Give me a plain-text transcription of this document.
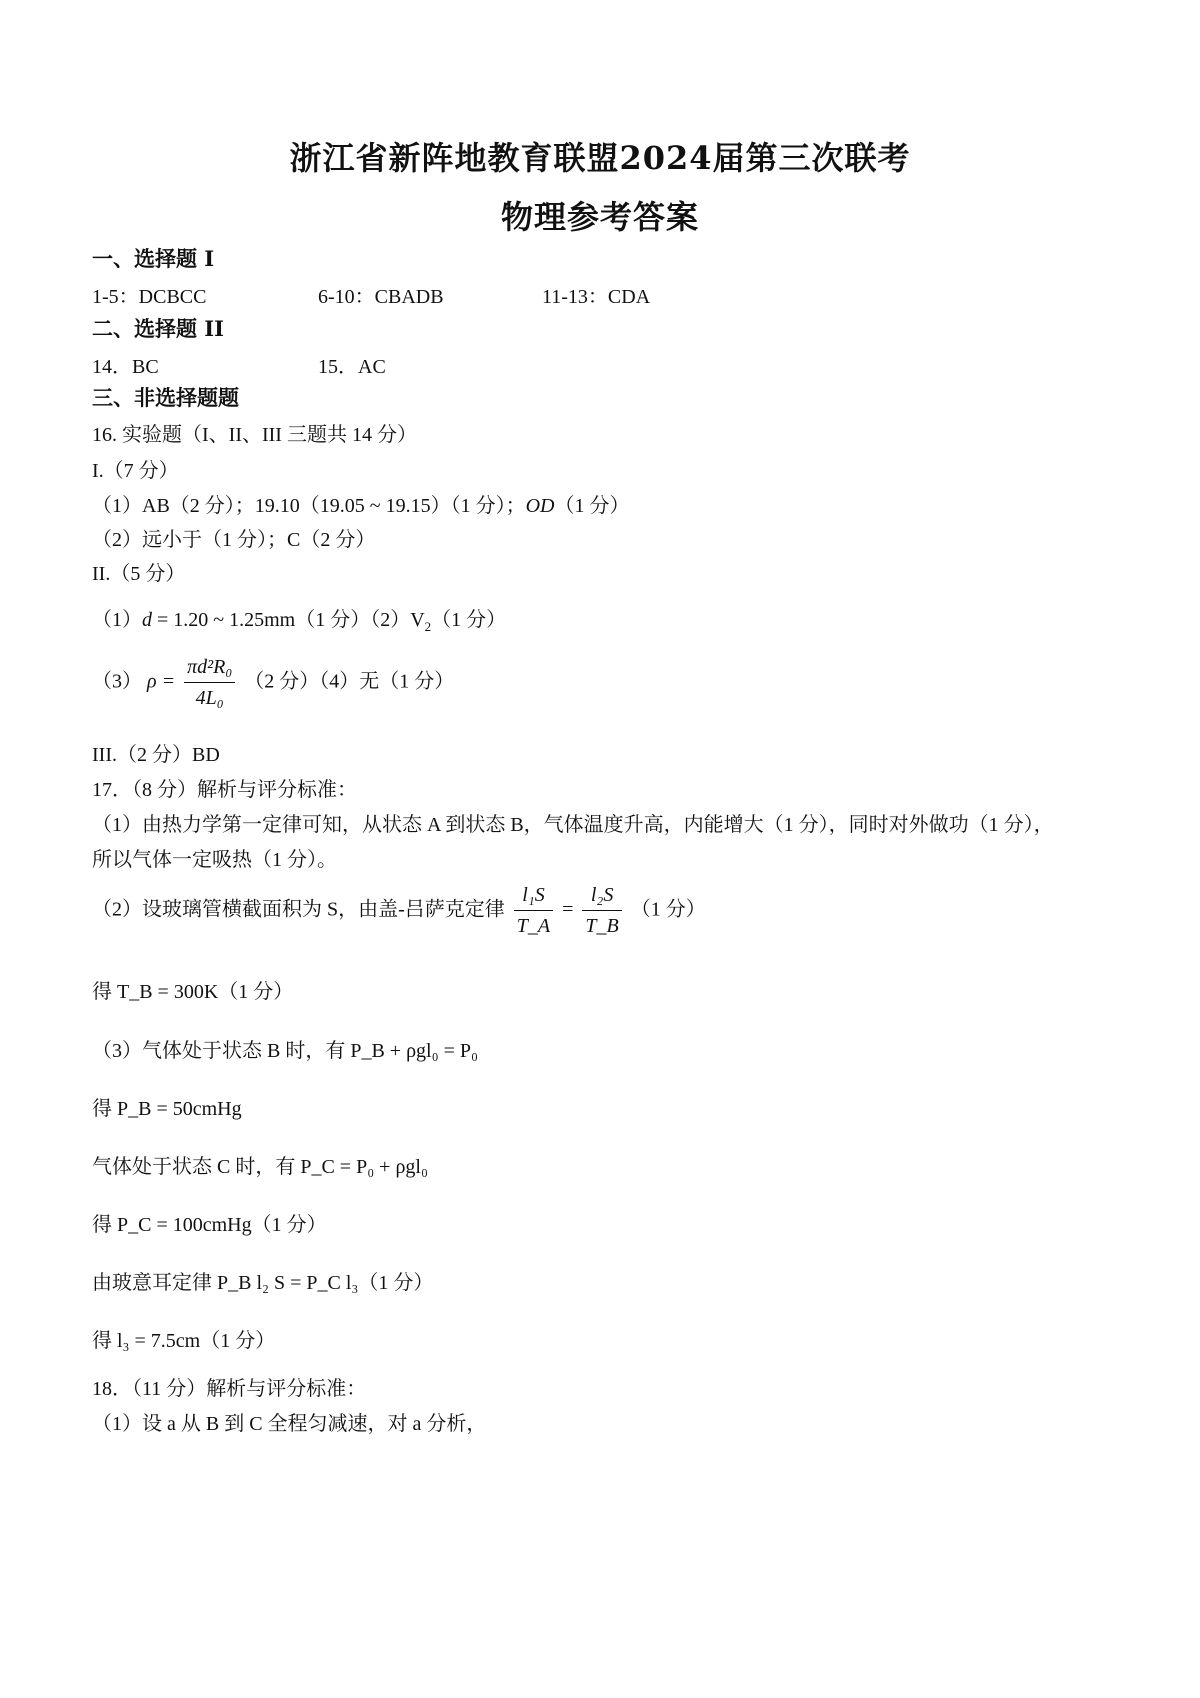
浙江省新阵地教育联盟2024届第三次联考
物理参考答案
一、选择题 I
1-5：DCBCC	6-10：CBADB	11-13：CDA
二、选择题 II
14．BC	15．AC
三、非选择题题
16. 实验题（I、II、III 三题共 14 分）
I.（7 分）
（1）AB（2 分）；19.10（19.05 ~ 19.15）（1 分）；OD（1 分）
（2）远小于（1 分）；C（2 分）
II.（5 分）
（1）d = 1.20 ~ 1.25mm（1 分）$(2)V_2(1$ 分）
（3） $\rho = \frac{\text{πd²R₀}}{\text{4L₀}} (2$ 分）（4）无（1 分）
III.（2 分）BD
17．（8 分）解析与评分标准：
（1）由热力学第一定律可知，从状态 A 到状态 B，气体温度升高，内能增大（1 分），同时对外做功（1 分），
所以气体一定吸热（1 分）。
（2）设玻璃管横截面积为 S，由盖-吕萨克定律 $\frac{\text{l₁S}}{T\_A} = \frac{\text{l₂S}}{T\_B} (1$ 分）
得 T_B = 300K（1 分）
（3）气体处于状态 B 时，有 P_B + ρgl₀ = P₀
得 P_B = 50cmHg
气体处于状态 C 时，有 P_C = P₀ + ρgl₀
得 P_C = 100cmHg（1 分）
由玻意耳定律 P_B l₂ S = P_C l₃（1 分）
得 l₃ = 7.5cm（1 分）
18．（11 分）解析与评分标准：
（1）设 a 从 B 到 C 全程匀减速，对 a 分析，
